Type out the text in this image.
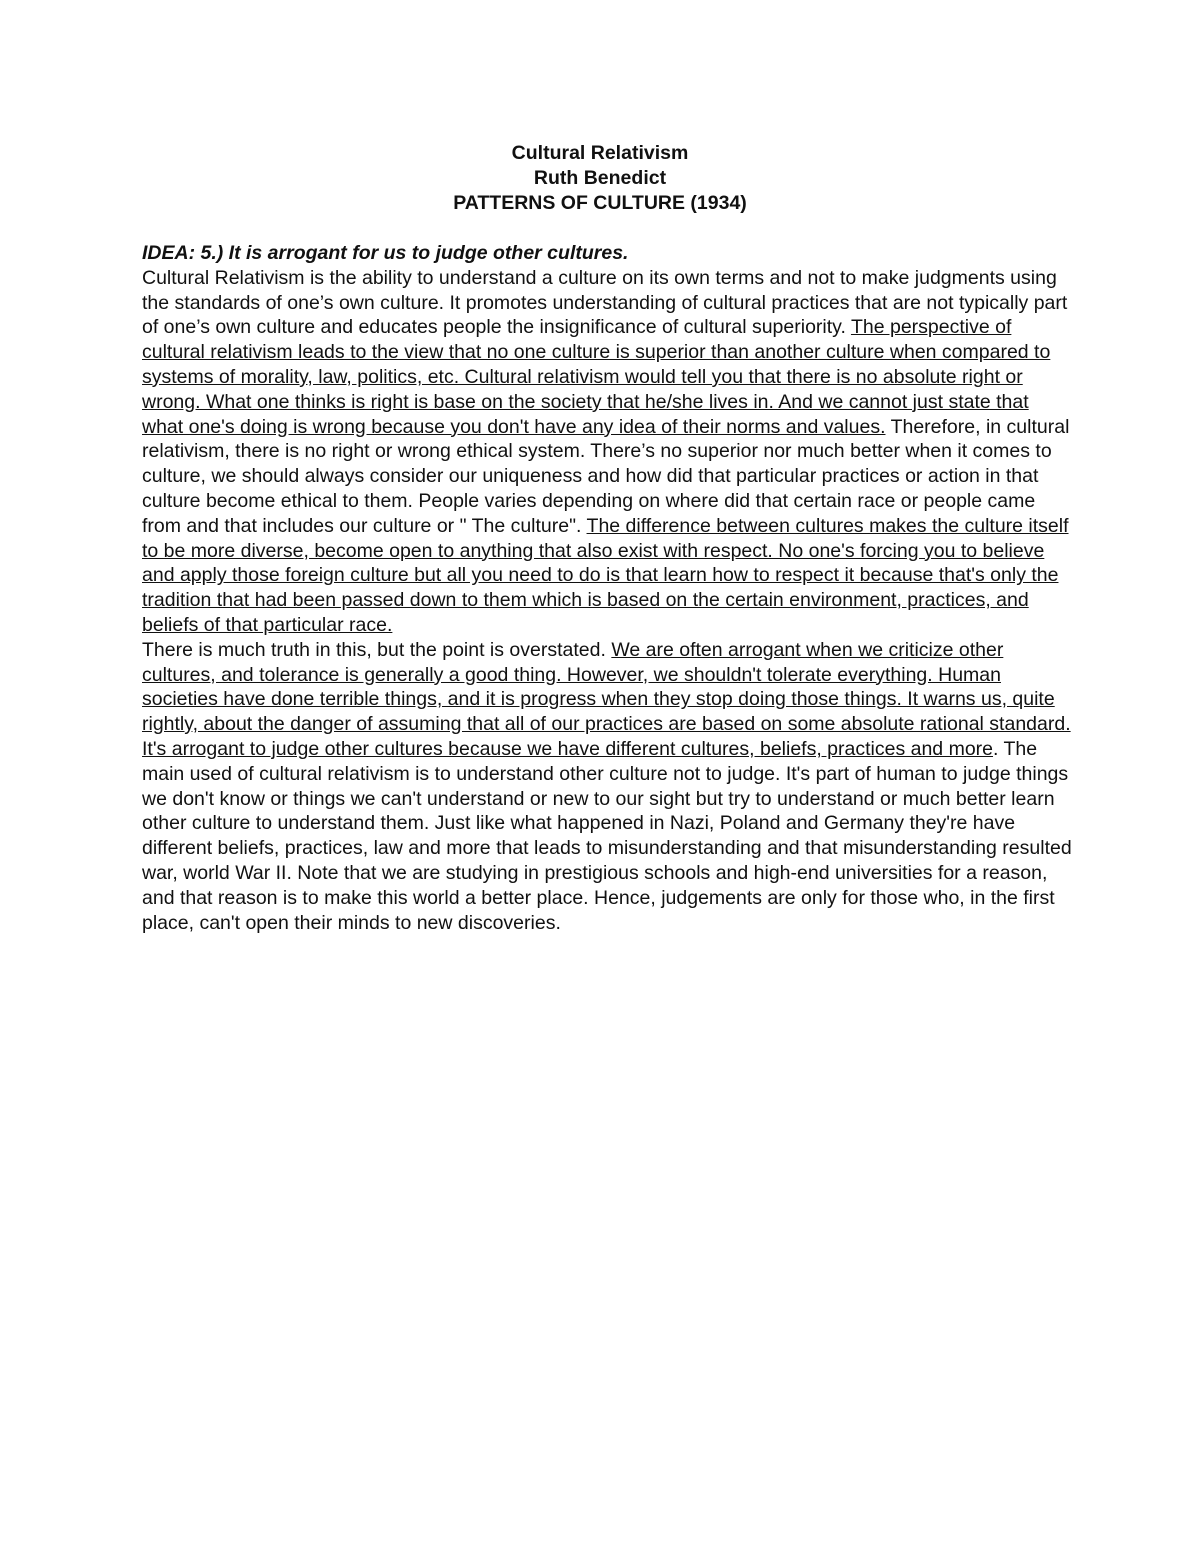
Cultural Relativism
Ruth Benedict
PATTERNS OF CULTURE (1934)

IDEA: 5.) It is arrogant for us to judge other cultures.

Cultural Relativism is the ability to understand a culture on its own terms and not to make judgments using the standards of one’s own culture. It promotes understanding of cultural practices that are not typically part of one’s own culture and educates people the insignificance of cultural superiority. The perspective of cultural relativism leads to the view that no one culture is superior than another culture when compared to systems of morality, law, politics, etc. Cultural relativism would tell you that there is no absolute right or wrong. What one thinks is right is base on the society that he/she lives in. And we cannot just state that what one's doing is wrong because you don't have any idea of their norms and values. Therefore, in cultural relativism, there is no right or wrong ethical system. There’s no superior nor much better when it comes to culture, we should always consider our uniqueness and how did that particular practices or action in that culture become ethical to them. People varies depending on where did that certain race or people came from and that includes our culture or " The culture". The difference between cultures makes the culture itself to be more diverse, become open to anything that also exist with respect. No one's forcing you to believe and apply those foreign culture but all you need to do is that learn how to respect it because that's only the tradition that had been passed down to them which is based on the certain environment, practices, and beliefs of that particular race.

There is much truth in this, but the point is overstated. We are often arrogant when we criticize other cultures, and tolerance is generally a good thing. However, we shouldn't tolerate everything. Human societies have done terrible things, and it is progress when they stop doing those things. It warns us, quite rightly, about the danger of assuming that all of our practices are based on some absolute rational standard. It's arrogant to judge other cultures because we have different cultures, beliefs, practices and more. The main used of cultural relativism is to understand other culture not to judge. It's part of human to judge things we don't know or things we can't understand or new to our sight but try to understand or much better learn other culture to understand them. Just like what happened in Nazi, Poland and Germany they're have different beliefs, practices, law and more that leads to misunderstanding and that misunderstanding resulted war, world War II. Note that we are studying in prestigious schools and high-end universities for a reason, and that reason is to make this world a better place. Hence, judgements are only for those who, in the first place, can't open their minds to new discoveries.
